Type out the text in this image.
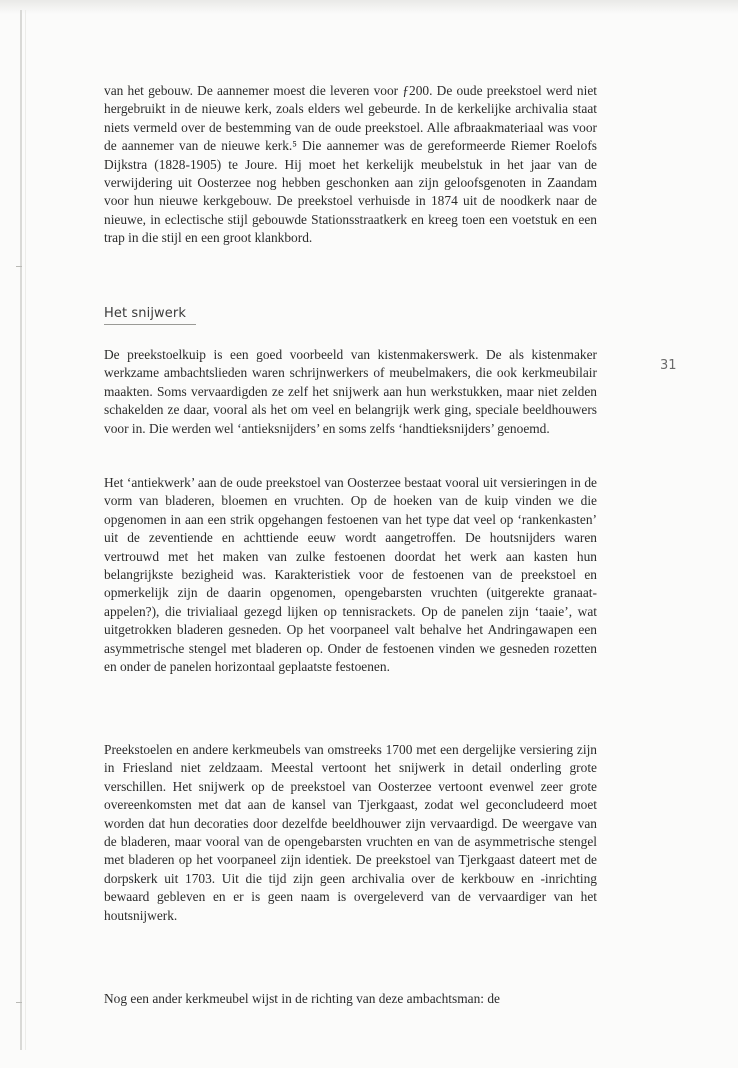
van het gebouw. De aannemer moest die leveren voor ƒ200. De oude preekstoel werd niet hergebruikt in de nieuwe kerk, zoals elders wel gebeurde. In de kerkelijke archivalia staat niets vermeld over de bestemming van de oude preekstoel. Alle afbraakmateriaal was voor de aannemer van de nieuwe kerk.⁵ Die aannemer was de gereformeerde Riemer Roelofs Dijkstra (1828-1905) te Joure. Hij moet het kerkelijk meubelstuk in het jaar van de verwijdering uit Oosterzee nog hebben geschonken aan zijn geloofsgenoten in Zaandam voor hun nieuwe kerkgebouw. De preekstoel verhuisde in 1874 uit de noodkerk naar de nieuwe, in eclectische stijl gebouwde Stationsstraatkerk en kreeg toen een voetstuk en een trap in die stijl en een groot klankbord.

Het snijwerk
31

De preekstoelkuip is een goed voorbeeld van kistenmakerswerk. De als kistenmaker werkzame ambachtslieden waren schrijnwerkers of meubelmakers, die ook kerkmeubilair maakten. Soms vervaardigden ze zelf het snijwerk aan hun werkstukken, maar niet zelden schakelden ze daar, vooral als het om veel en belangrijk werk ging, speciale beeldhouwers voor in. Die werden wel ‘antieksnijders’ en soms zelfs ‘handtieksnijders’ genoemd.

Het ‘antiekwerk’ aan de oude preekstoel van Oosterzee bestaat vooral uit versieringen in de vorm van bladeren, bloemen en vruchten. Op de hoeken van de kuip vinden we die opgenomen in aan een strik opgehangen festoenen van het type dat veel op ‘rankenkasten’ uit de zeventiende en achttiende eeuw wordt aangetroffen. De houtsnijders waren vertrouwd met het maken van zulke festoenen doordat het werk aan kasten hun belangrijkste bezigheid was. Karakteristiek voor de festoenen van de preekstoel en opmerkelijk zijn de daarin opgenomen, opengebarsten vruchten (uitgerekte granaatappelen?), die trivialiaal gezegd lijken op tennisrackets. Op de panelen zijn ‘taaie’, wat uitgetrokken bladeren gesneden. Op het voorpaneel valt behalve het Andringawapen een asymmetrische stengel met bladeren op. Onder de festoenen vinden we gesneden rozetten en onder de panelen horizontaal geplaatste festoenen.

Preekstoelen en andere kerkmeubels van omstreeks 1700 met een dergelijke versiering zijn in Friesland niet zeldzaam. Meestal vertoont het snijwerk in detail onderling grote verschillen. Het snijwerk op de preekstoel van Oosterzee vertoont evenwel zeer grote overeenkomsten met dat aan de kansel van Tjerkgaast, zodat wel geconcludeerd moet worden dat hun decoraties door dezelfde beeldhouwer zijn vervaardigd. De weergave van de bladeren, maar vooral van de opengebarsten vruchten en van de asymmetrische stengel met bladeren op het voorpaneel zijn identiek. De preekstoel van Tjerkgaast dateert met de dorpskerk uit 1703. Uit die tijd zijn geen archivalia over de kerkbouw en -inrichting bewaard gebleven en er is geen naam is overgeleverd van de vervaardiger van het houtsnijwerk.

Nog een ander kerkmeubel wijst in de richting van deze ambachtsman: de
